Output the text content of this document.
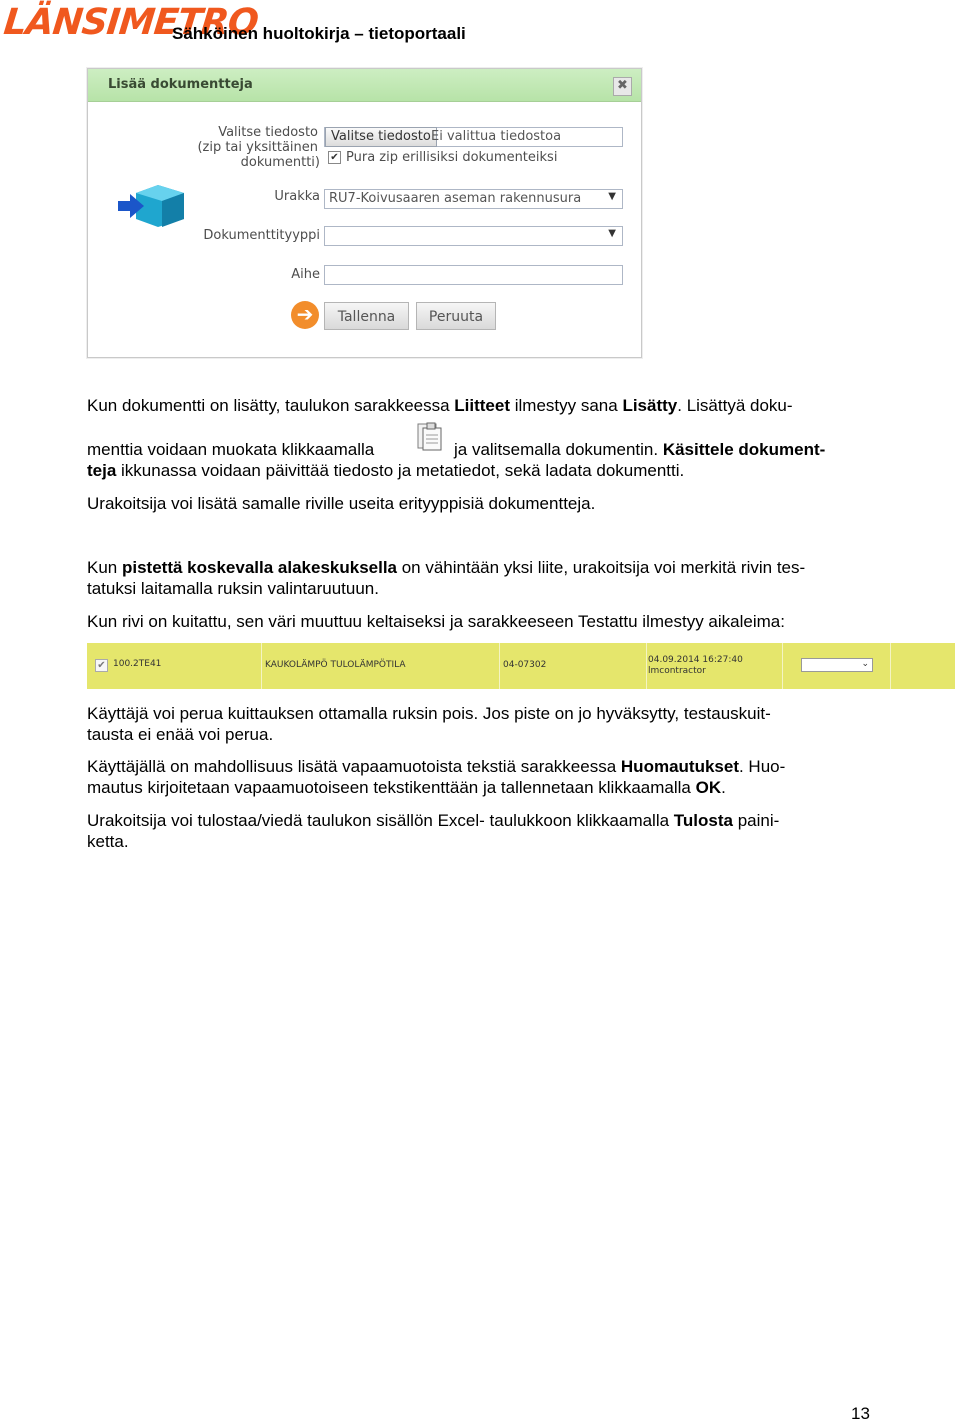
LÄNSIMETRO
Sähköinen huoltokirja – tietoportaali
Lisää dokumentteja	✖
Valitse tiedosto
(zip tai yksittäinen
dokumentti)
Valitse tiedosto Ei valittua tiedostoa
✔ Pura zip erillisiksi dokumenteiksi
Urakka RU7-Koivusaaren aseman rakennusura	▼
Dokumenttityyppi	▼
Aihe
➔	Tallenna	Peruuta
Kun dokumentti on lisätty, taulukon sarakkeessa Liitteet ilmestyy sana Lisätty. Lisättyä doku-
menttia voidaan muokata klikkaamalla	ja valitsemalla dokumentin. Käsittele dokument-
teja ikkunassa voidaan päivittää tiedosto ja metatiedot, sekä ladata dokumentti.
Urakoitsija voi lisätä samalle riville useita erityyppisiä dokumentteja.
Kun pistettä koskevalla alakeskuksella on vähintään yksi liite, urakoitsija voi merkitä rivin tes-
tatuksi laitamalla ruksin valintaruutuun.
Kun rivi on kuitattu, sen väri muuttuu keltaiseksi ja sarakkeeseen Testattu ilmestyy aikaleima:
✔ 100.2TE41	KAUKOLÄMPÖ TULOLÄMPÖTILA	04-07302	04.09.2014 16:27:40
lmcontractor
⌄
Käyttäjä voi perua kuittauksen ottamalla ruksin pois. Jos piste on jo hyväksytty, testauskuit-
tausta ei enää voi perua.
Käyttäjällä on mahdollisuus lisätä vapaamuotoista tekstiä sarakkeessa Huomautukset. Huo-
mautus kirjoitetaan vapaamuotoiseen tekstikenttään ja tallennetaan klikkaamalla OK.
Urakoitsija voi tulostaa/viedä taulukon sisällön Excel- taulukkoon klikkaamalla Tulosta paini-
ketta.
13
